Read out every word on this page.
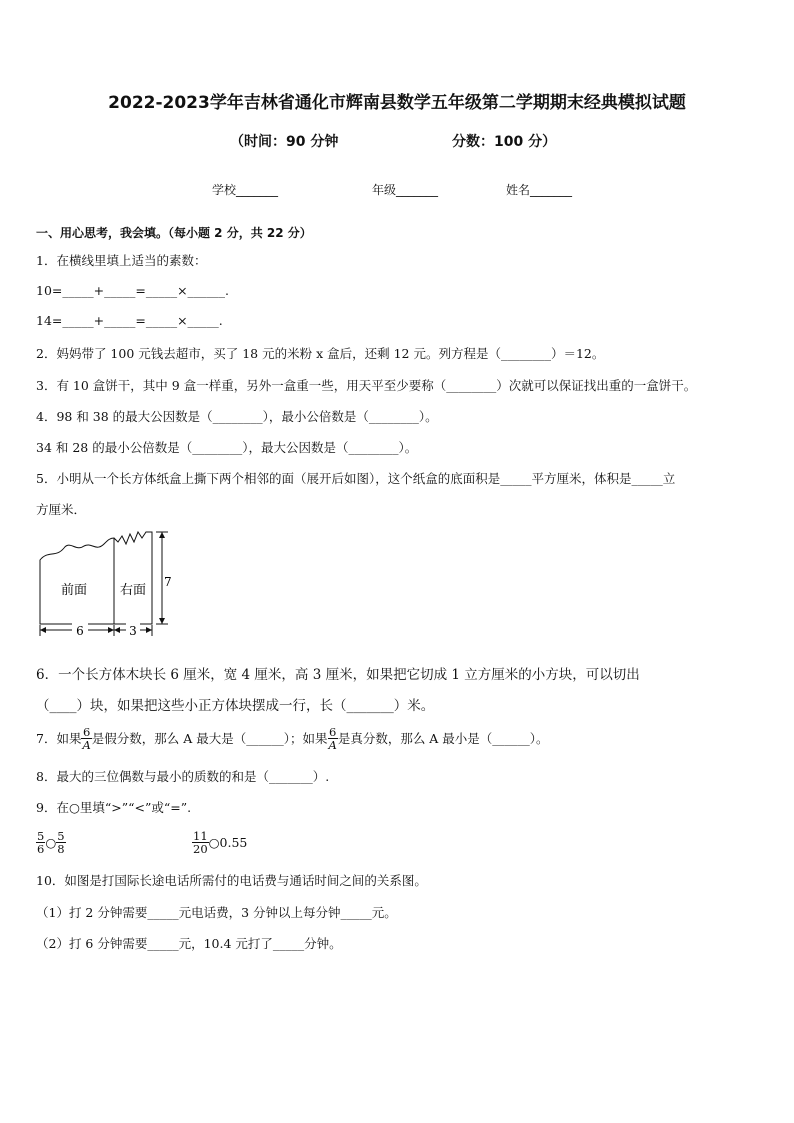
2022-2023学年吉林省通化市辉南县数学五年级第二学期期末经典模拟试题
（时间：90 分钟	分数：100 分）
学校_______	年级_______	姓名_______
一、用心思考，我会填。（每小题 2 分，共 22 分）
1．在横线里填上适当的素数：
10=_____+_____=_____×______.
14=_____+_____=_____×_____.
2．妈妈带了 100 元钱去超市，买了 18 元的米粉 x 盒后，还剩 12 元。列方程是（________）＝12。
3．有 10 盒饼干，其中 9 盒一样重，另外一盒重一些，用天平至少要称（________）次就可以保证找出重的一盒饼干。
4．98 和 38 的最大公因数是（________），最小公倍数是（________）。
34 和 28 的最小公倍数是（________），最大公因数是（________）。
5．小明从一个长方体纸盒上撕下两个相邻的面（展开后如图），这个纸盒的底面积是_____平方厘米，体积是_____立
方厘米．
前面	右面
6	3
7
6．一个长方体木块长 6 厘米，宽 4 厘米，高 3 厘米，如果把它切成 1 立方厘米的小方块，可以切出
（____）块，如果把这些小正方体块摆成一行，长（_______）米。
7．如果 $\frac{6}{A}$ 是假分数，那么 A 最大是（______）；如果 $\frac{6}{A}$ 是真分数，那么 A 最小是（______）。
8．最大的三位偶数与最小的质数的和是（_______）.
9．在○里填“>”“<”或“=”.
$\frac{5}{6}$ ○ $\frac{5}{8}$	$\frac{11}{20}$ ○0.55
10．如图是打国际长途电话所需付的电话费与通话时间之间的关系图。
（1）打 2 分钟需要_____元电话费，3 分钟以上每分钟_____元。
（2）打 6 分钟需要_____元，10.4 元打了_____分钟。
